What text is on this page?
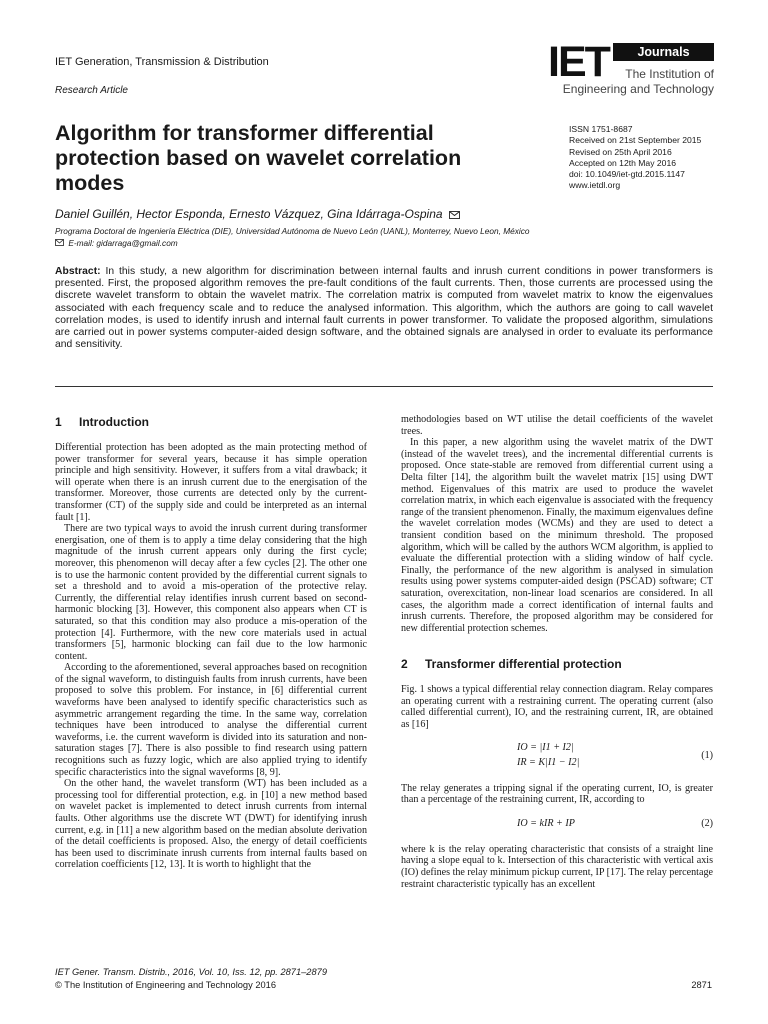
IET Generation, Transmission & Distribution
Research Article
IET	Journals
The Institution of
Engineering and Technology
Algorithm for transformer differential protection based on wavelet correlation modes
ISSN 1751-8687
Received on 21st September 2015
Revised on 25th April 2016
Accepted on 12th May 2016
doi: 10.1049/iet-gtd.2015.1147
www.ietdl.org
Daniel Guillén, Hector Esponda, Ernesto Vázquez, Gina Idárraga-Ospina
Programa Doctoral de Ingeniería Eléctrica (DIE), Universidad Autónoma de Nuevo León (UANL), Monterrey, Nuevo Leon, México
E-mail: gidarraga@gmail.com
Abstract: In this study, a new algorithm for discrimination between internal faults and inrush current conditions in power transformers is presented. First, the proposed algorithm removes the pre-fault conditions of the fault currents. Then, those currents are processed using the discrete wavelet transform to obtain the wavelet matrix. The correlation matrix is computed from wavelet matrix to know the eigenvalues associated with each frequency scale and to reduce the analysed information. This algorithm, which the authors are going to call wavelet correlation modes, is used to identify inrush and internal fault currents in power transformer. To validate the proposed algorithm, simulations are carried out in power systems computer-aided design software, and the obtained signals are analysed in order to evaluate its performance and sensitivity.
1 Introduction

Differential protection has been adopted as the main protecting method of power transformer for several years, because it has simple operation principle and high sensitivity. However, it suffers from a vital drawback; it will operate when there is an inrush current due to the energisation of the transformer. Moreover, those currents are detected only by the current-transformer (CT) of the supply side and could be interpreted as an internal fault [1].

There are two typical ways to avoid the inrush current during transformer energisation, one of them is to apply a time delay considering that the high magnitude of the inrush current appears only during the first cycle; moreover, this phenomenon will decay after a few cycles [2]. The other one is to use the harmonic content provided by the differential current signals to set a threshold and to avoid a mis-operation of the protective relay. Currently, the differential relay identifies inrush current based on second-harmonic blocking [3]. However, this component also appears when CT is saturated, so that this condition may also produce a mis-operation of the protection [4]. Furthermore, with the new core materials used in actual transformers [5], harmonic blocking can fail due to the low harmonic content.

According to the aforementioned, several approaches based on recognition of the signal waveform, to distinguish faults from inrush currents, have been proposed to solve this problem. For instance, in [6] differential current waveforms have been analysed to identify specific characteristics such as asymmetric arrangement regarding the time. In the same way, correlation techniques have been introduced to analyse the differential current waveforms, i.e. the current waveform is divided into its saturation and non-saturation stages [7]. There is also possible to find research using pattern recognitions such as fuzzy logic, which are also applied trying to identify specific characteristics into the signal waveforms [8, 9].

On the other hand, the wavelet transform (WT) has been included as a processing tool for differential protection, e.g. in [10] a new method based on wavelet packet is implemented to detect inrush currents from internal faults. Other algorithms use the discrete WT (DWT) for identifying inrush current, e.g. in [11] a new algorithm based on the median absolute derivation of the detail coefficients is proposed. Also, the energy of detail coefficients has been used to discriminate inrush currents from internal faults based on correlation coefficients [12, 13]. It is worth to highlight that the

methodologies based on WT utilise the detail coefficients of the wavelet trees.

In this paper, a new algorithm using the wavelet matrix of the DWT (instead of the wavelet trees), and the incremental differential currents is proposed. Once state-stable are removed from differential current using a Delta filter [14], the algorithm built the wavelet matrix [15] using DWT method. Eigenvalues of this matrix are used to produce the wavelet correlation matrix, in which each eigenvalue is associated with the frequency range of the transient phenomenon. Finally, the maximum eigenvalues define the wavelet correlation modes (WCMs) and they are used to detect a transient condition based on the minimum threshold. The proposed algorithm, which will be called by the authors WCM algorithm, is applied to evaluate the differential protection with a sliding window of half cycle. Finally, the performance of the new algorithm is analysed in simulation results using power systems computer-aided design (PSCAD) software; CT saturation, overexcitation, non-linear load scenarios are considered. In all cases, the algorithm made a correct identification of internal faults and inrush currents. Therefore, the proposed algorithm may be considered for new differential protection schemes.

2 Transformer differential protection

Fig. 1 shows a typical differential relay connection diagram. Relay compares an operating current with a restraining current. The operating current (also called differential current), IO, and the restraining current, IR, are obtained as [16]

IO = |I1 + I2|
IR = K|I1 − I2|
(1)

The relay generates a tripping signal if the operating current, IO, is greater than a percentage of the restraining current, IR, according to

IO = kIR + IP	(2)

where k is the relay operating characteristic that consists of a straight line having a slope equal to k. Intersection of this characteristic with vertical axis (IO) defines the relay minimum pickup current, IP [17]. The relay percentage restraint characteristic typically has an excellent

IET Gener. Transm. Distrib., 2016, Vol. 10, Iss. 12, pp. 2871–2879
© The Institution of Engineering and Technology 2016	2871
